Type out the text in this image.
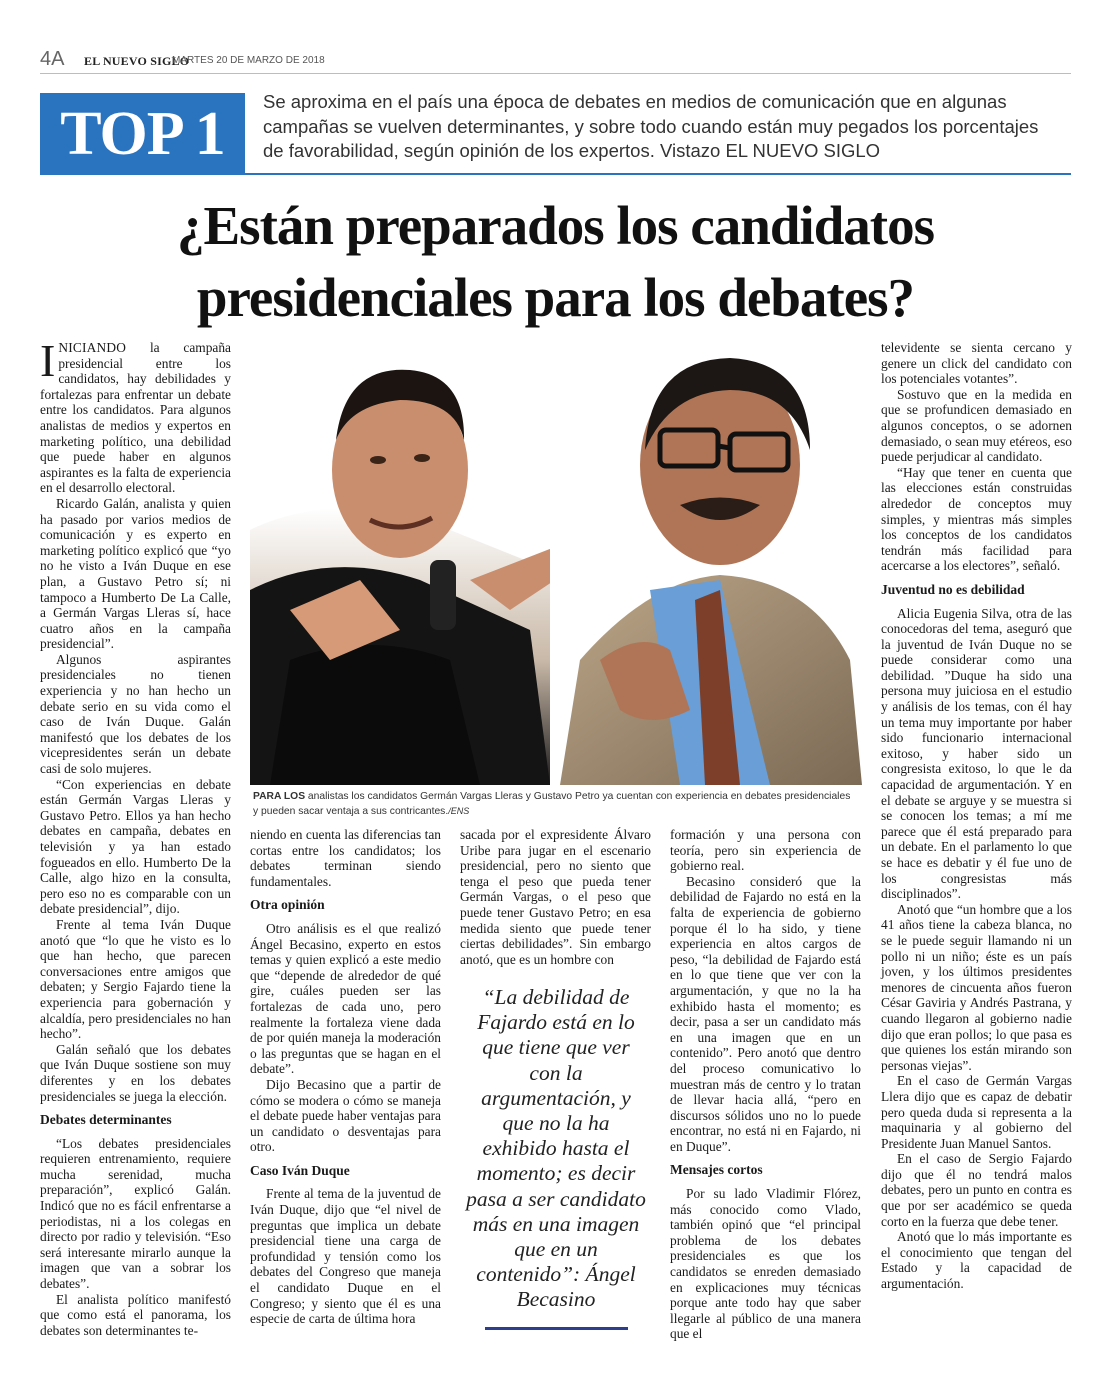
4A EL NUEVO SIGLO
MARTES 20 DE MARZO DE 2018
TOP 1 Se aproxima en el país una época de debates en medios de comunicación que en algunas campañas se vuelven determinantes, y sobre todo cuando están muy pegados los porcentajes de favorabilidad, según opinión de los expertos. Vistazo EL NUEVO SIGLO
¿Están preparados los candidatos
presidenciales para los debates?

INICIANDO la campaña presidencial entre los candidatos, hay debilidades y fortalezas para enfrentar un debate entre los candidatos. Para algunos analistas de medios y expertos en marketing político, una debilidad que puede haber en algunos aspirantes es la falta de experiencia en el desarrollo electoral.

Ricardo Galán, analista y quien ha pasado por varios medios de comunicación y es experto en marketing político explicó que “yo no he visto a Iván Duque en ese plan, a Gustavo Petro sí; ni tampoco a Humberto De La Calle, a Germán Vargas Lleras sí, hace cuatro años en la campaña presidencial”.

Algunos aspirantes presidenciales no tienen experiencia y no han hecho un debate serio en su vida como el caso de Iván Duque. Galán manifestó que los debates de los vicepresidentes serán un debate casi de solo mujeres.

“Con experiencias en debate están Germán Vargas Lleras y Gustavo Petro. Ellos ya han hecho debates en campaña, debates en televisión y ya han estado fogueados en ello. Humberto De la Calle, algo hizo en la consulta, pero eso no es comparable con un debate presidencial”, dijo.

Frente al tema Iván Duque anotó que “lo que he visto es lo que han hecho, que parecen conversaciones entre amigos que debaten; y Sergio Fajardo tiene la experiencia para gobernación y alcaldía, pero presidenciales no han hecho”.

Galán señaló que los debates que Iván Duque sostiene son muy diferentes y en los debates presidenciales se juega la elección.

Debates determinantes

“Los debates presidenciales requieren entrenamiento, requiere mucha serenidad, mucha preparación”, explicó Galán. Indicó que no es fácil enfrentarse a periodistas, ni a los colegas en directo por radio y televisión. “Eso será interesante mirarlo aunque la imagen que van a sobrar los debates”.

El analista político manifestó que como está el panorama, los debates son determinantes te-

PARA LOS analistas los candidatos Germán Vargas Lleras y Gustavo Petro ya cuentan con experiencia en debates presidenciales y pueden sacar ventaja a sus contricantes./ENS

niendo en cuenta las diferencias tan cortas entre los candidatos; los debates terminan siendo fundamentales.

Otra opinión

Otro análisis es el que realizó Ángel Becasino, experto en estos temas y quien explicó a este medio que “depende de alrededor de qué gire, cuáles pueden ser las fortalezas de cada uno, pero realmente la fortaleza viene dada de por quién maneja la moderación o las preguntas que se hagan en el debate”.

Dijo Becasino que a partir de cómo se modera o cómo se maneja el debate puede haber ventajas para un candidato o desventajas para otro.

Caso Iván Duque

Frente al tema de la juventud de Iván Duque, dijo que “el nivel de preguntas que implica un debate presidencial tiene una carga de profundidad y tensión como los debates del Congreso que maneja el candidato Duque en el Congreso; y siento que él es una especie de carta de última hora

sacada por el expresidente Álvaro Uribe para jugar en el escenario presidencial, pero no siento que tenga el peso que pueda tener Germán Vargas, o el peso que puede tener Gustavo Petro; en esa medida siento que puede tener ciertas debilidades”. Sin embargo anotó, que es un hombre con

“La debilidad de Fajardo está en lo que tiene que ver con la argumentación, y que no la ha exhibido hasta el momento; es decir pasa a ser candidato más en una imagen que en un contenido”: Ángel Becasino

formación y una persona con teoría, pero sin experiencia de gobierno real.

Becasino consideró que la debilidad de Fajardo no está en la falta de experiencia de gobierno porque él lo ha sido, y tiene experiencia en altos cargos de peso, “la debilidad de Fajardo está en lo que tiene que ver con la argumentación, y que no la ha exhibido hasta el momento; es decir, pasa a ser un candidato más en una imagen que en un contenido”. Pero anotó que dentro del proceso comunicativo lo muestran más de centro y lo tratan de llevar hacia allá, “pero en discursos sólidos uno no lo puede encontrar, no está ni en Fajardo, ni en Duque”.

Mensajes cortos

Por su lado Vladimir Flórez, más conocido como Vlado, también opinó que “el principal problema de los debates presidenciales es que los candidatos se enreden demasiado en explicaciones muy técnicas porque ante todo hay que saber llegarle al público de una manera que el

televidente se sienta cercano y genere un click del candidato con los potenciales votantes”.

Sostuvo que en la medida en que se profundicen demasiado en algunos conceptos, o se adornen demasiado, o sean muy etéreos, eso puede perjudicar al candidato.

“Hay que tener en cuenta que las elecciones están construidas alrededor de conceptos muy simples, y mientras más simples los conceptos de los candidatos tendrán más facilidad para acercarse a los electores”, señaló.

Juventud no es debilidad

Alicia Eugenia Silva, otra de las conocedoras del tema, aseguró que la juventud de Iván Duque no se puede considerar como una debilidad. ”Duque ha sido una persona muy juiciosa en el estudio y análisis de los temas, con él hay un tema muy importante por haber sido funcionario internacional exitoso, y haber sido un congresista exitoso, lo que le da capacidad de argumentación. Y en el debate se arguye y se muestra si se conocen los temas; a mí me parece que él está preparado para un debate. En el parlamento lo que se hace es debatir y él fue uno de los congresistas más disciplinados”.

Anotó que “un hombre que a los 41 años tiene la cabeza blanca, no se le puede seguir llamando ni un pollo ni un niño; éste es un país joven, y los últimos presidentes menores de cincuenta años fueron César Gaviria y Andrés Pastrana, y cuando llegaron al gobierno nadie dijo que eran pollos; lo que pasa es que quienes los están mirando son personas viejas”.

En el caso de Germán Vargas Llera dijo que es capaz de debatir pero queda duda si representa a la maquinaria y al gobierno del Presidente Juan Manuel Santos.

En el caso de Sergio Fajardo dijo que él no tendrá malos debates, pero un punto en contra es que por ser académico se queda corto en la fuerza que debe tener.

Anotó que lo más importante es el conocimiento que tengan del Estado y la capacidad de argumentación.
